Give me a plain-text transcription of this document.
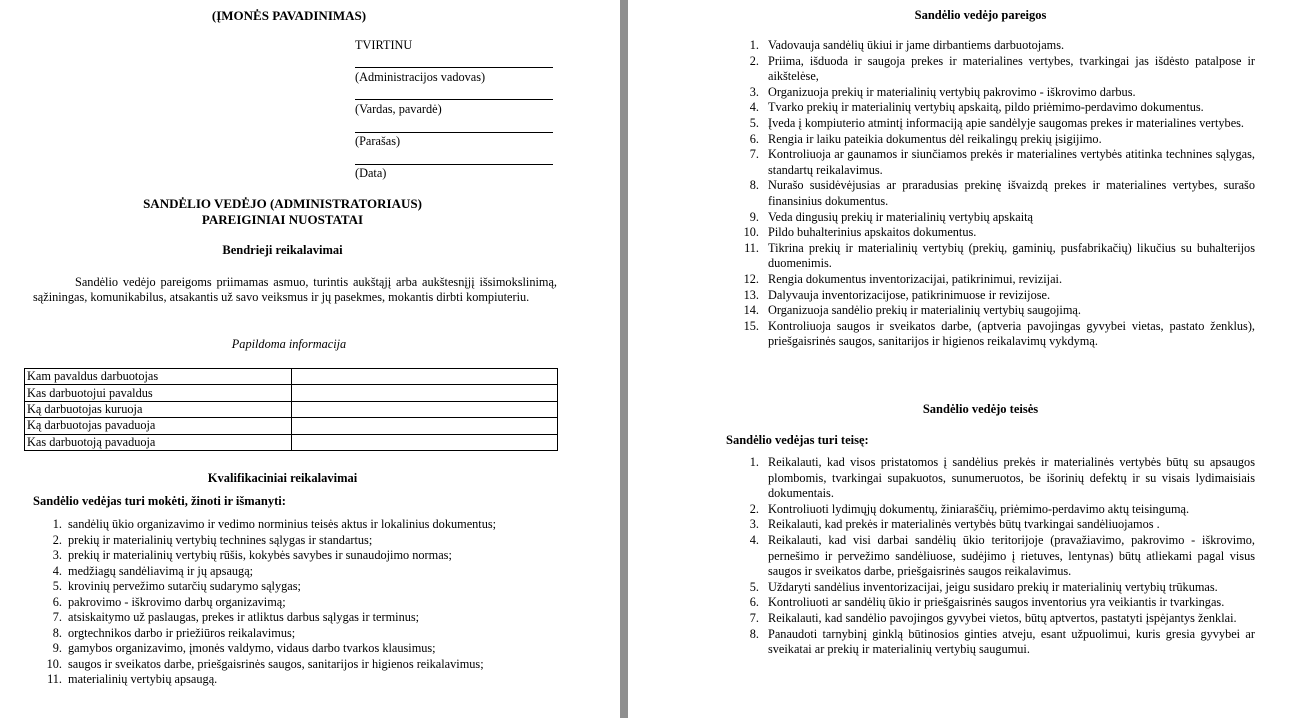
(ĮMONĖS PAVADINIMAS)
TVIRTINU
(Administracijos vadovas)
(Vardas, pavardė)
(Parašas)
(Data)
SANDĖLIO VEDĖJO (ADMINISTRATORIAUS)
PAREIGINIAI NUOSTATAI
Bendrieji reikalavimai
Sandėlio vedėjo pareigoms priimamas asmuo, turintis aukštąjį arba aukštesnįjį išsimokslinimą, sąžiningas, komunikabilus, atsakantis už savo veiksmus ir jų pasekmes, mokantis dirbti kompiuteriu.
Papildoma informacija
Kam pavaldus darbuotojas	
Kas darbuotojui pavaldus	
Ką darbuotojas kuruoja	
Ką darbuotojas pavaduoja	
Kas darbuotoją pavaduoja	
Kvalifikaciniai reikalavimai
Sandėlio vedėjas turi mokėti, žinoti ir išmanyti:
1. sandėlių ūkio organizavimo ir vedimo norminius teisės aktus ir lokalinius dokumentus;
2. prekių ir materialinių vertybių technines sąlygas ir standartus;
3. prekių ir materialinių vertybių rūšis, kokybės savybes ir sunaudojimo normas;
4. medžiagų sandėliavimą ir jų apsaugą;
5. krovinių pervežimo sutarčių sudarymo sąlygas;
6. pakrovimo - iškrovimo darbų organizavimą;
7. atsiskaitymo už paslaugas, prekes ir atliktus darbus sąlygas ir terminus;
8. orgtechnikos darbo ir priežiūros reikalavimus;
9. gamybos organizavimo, įmonės valdymo, vidaus darbo tvarkos klausimus;
10. saugos ir sveikatos darbe, priešgaisrinės saugos, sanitarijos ir higienos reikalavimus;
11. materialinių vertybių apsaugą.
Sandėlio vedėjo pareigos
1. Vadovauja sandėlių ūkiui ir jame dirbantiems darbuotojams.
2. Priima, išduoda ir saugoja prekes ir materialines vertybes, tvarkingai jas išdėsto patalpose ir aikštelėse,
3. Organizuoja prekių ir materialinių vertybių pakrovimo - iškrovimo darbus.
4. Tvarko prekių ir materialinių vertybių apskaitą, pildo priėmimo-perdavimo dokumentus.
5. Įveda į kompiuterio atmintį informaciją apie sandėlyje saugomas prekes ir materialines vertybes.
6. Rengia ir laiku pateikia dokumentus dėl reikalingų prekių įsigijimo.
7. Kontroliuoja ar gaunamos ir siunčiamos prekės ir materialines vertybės atitinka technines sąlygas, standartų reikalavimus.
8. Nurašo susidėvėjusias ar praradusias prekinę išvaizdą prekes ir materialines vertybes, surašo finansinius dokumentus.
9. Veda dingusių prekių ir materialinių vertybių apskaitą
10. Pildo buhalterinius apskaitos dokumentus.
11. Tikrina prekių ir materialinių vertybių (prekių, gaminių, pusfabrikačių) likučius su buhalterijos duomenimis.
12. Rengia dokumentus inventorizacijai, patikrinimui, revizijai.
13. Dalyvauja inventorizacijose, patikrinimuose ir revizijose.
14. Organizuoja sandėlio prekių ir materialinių vertybių saugojimą.
15. Kontroliuoja saugos ir sveikatos darbe, (aptveria pavojingas gyvybei vietas, pastato ženklus), priešgaisrinės saugos, sanitarijos ir higienos reikalavimų vykdymą.
Sandėlio vedėjo teisės
Sandėlio vedėjas turi teisę:
1. Reikalauti, kad visos pristatomos į sandėlius prekės ir materialinės vertybės būtų su apsaugos plombomis, tvarkingai supakuotos, sunumeruotos, be išorinių defektų ir su visais lydimaisiais dokumentais.
2. Kontroliuoti lydimųjų dokumentų, žiniaraščių, priėmimo-perdavimo aktų teisingumą.
3. Reikalauti, kad prekės ir materialinės vertybės būtų tvarkingai sandėliuojamos .
4. Reikalauti, kad visi darbai sandėlių ūkio teritorijoje (pravažiavimo, pakrovimo - iškrovimo, pernešimo ir pervežimo sandėliuose, sudėjimo į rietuves, lentynas) būtų atliekami pagal visus saugos ir sveikatos darbe, priešgaisrinės saugos reikalavimus.
5. Uždaryti sandėlius inventorizacijai, jeigu susidaro prekių ir materialinių vertybių trūkumas.
6. Kontroliuoti ar sandėlių ūkio ir priešgaisrinės saugos inventorius yra veikiantis ir tvarkingas.
7. Reikalauti, kad sandėlio pavojingos gyvybei vietos, būtų aptvertos, pastatyti įspėjantys ženklai.
8. Panaudoti tarnybinį ginklą būtinosios ginties atveju, esant užpuolimui, kuris gresia gyvybei ar sveikatai ar prekių ir materialinių vertybių saugumui.
